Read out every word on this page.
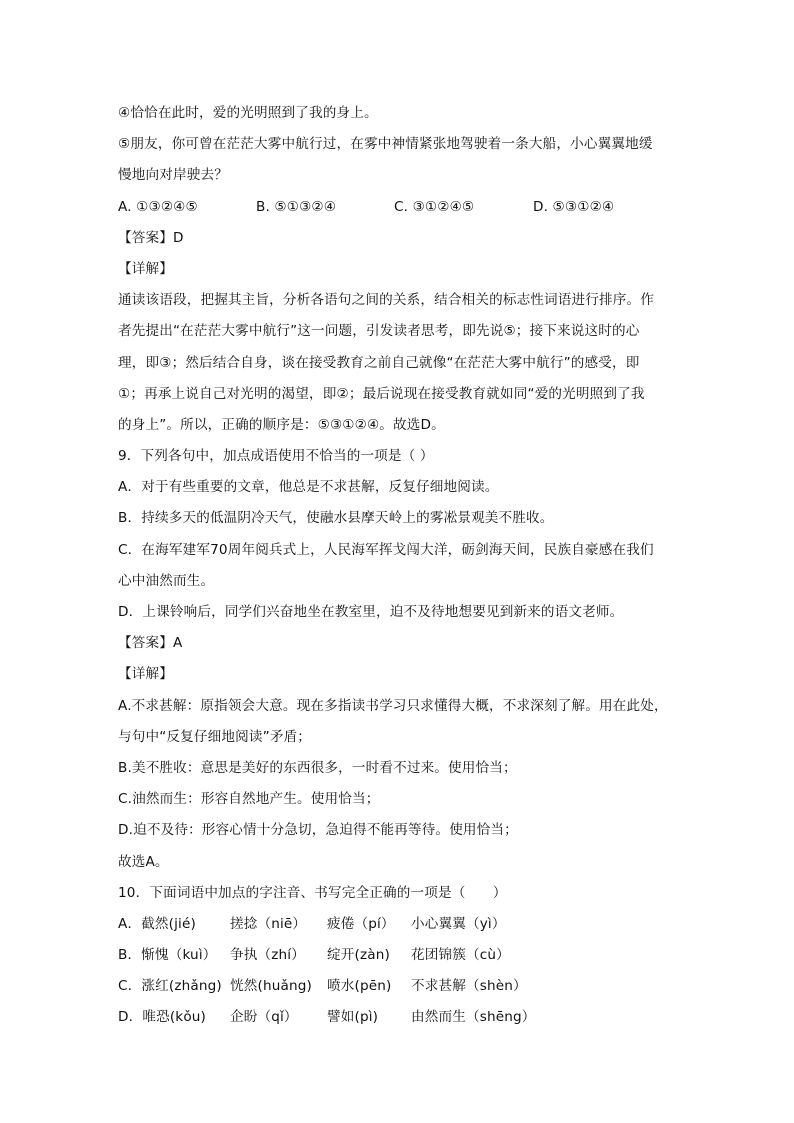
④恰恰在此时，爱的光明照到了我的身上。
⑤朋友，你可曾在茫茫大雾中航行过，在雾中神情紧张地驾驶着一条大船，小心翼翼地缓
慢地向对岸驶去？
A. ①③②④⑤	B. ⑤①③②④	C. ③①②④⑤	D. ⑤③①②④
【答案】D
【详解】
通读该语段，把握其主旨，分析各语句之间的关系，结合相关的标志性词语进行排序。作
者先提出“在茫茫大雾中航行”这一问题，引发读者思考，即先说⑤；接下来说这时的心
理，即③；然后结合自身，谈在接受教育之前自己就像“在茫茫大雾中航行”的感受，即
①；再承上说自己对光明的渴望，即②；最后说现在接受教育就如同“爱的光明照到了我
的身上”。所以，正确的顺序是：⑤③①②④。故选D。
9．下列各句中，加点成语使用不恰当的一项是（ ）
A．对于有些重要的文章，他总是不求甚解，反复仔细地阅读。
B．持续多天的低温阴冷天气，使融水县摩天岭上的雾凇景观美不胜收。
C．在海军建军70周年阅兵式上，人民海军挥戈闯大洋，砺剑海天间，民族自豪感在我们
心中油然而生。
D．上课铃响后，同学们兴奋地坐在教室里，迫不及待地想要见到新来的语文老师。
【答案】A
【详解】
A.不求甚解：原指领会大意。现在多指读书学习只求懂得大概，不求深刻了解。用在此处，
与句中“反复仔细地阅读”矛盾；
B.美不胜收：意思是美好的东西很多，一时看不过来。使用恰当；
C.油然而生：形容自然地产生。使用恰当；
D.迫不及待：形容心情十分急切，急迫得不能再等待。使用恰当；
故选A。
10．下面词语中加点的字注音、书写完全正确的一项是（　　）
A．截然(jié)	搓捻（niē）	疲倦（pí）	小心翼翼（yì）
B．惭愧（kuì） 争执（zhí）	绽开(zàn)	花团锦簇（cù）
C．涨红(zhǎng) 恍然(huǎng)	喷水(pēn)	不求甚解（shèn）
D．唯恐(kǒu)	企盼（qǐ）	譬如(pì)	由然而生（shēng）
